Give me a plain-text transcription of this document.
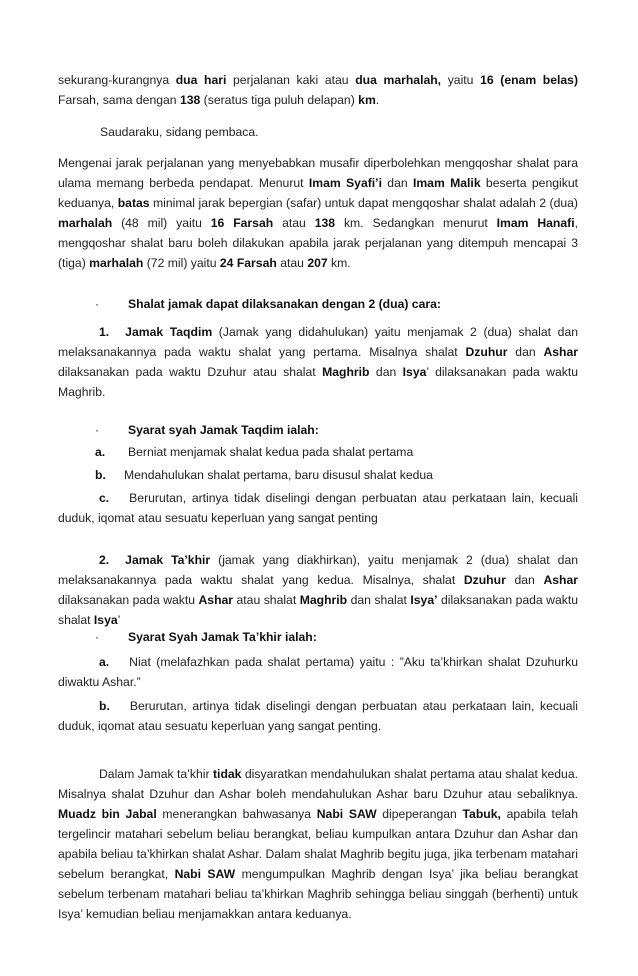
sekurang-kurangnya dua hari perjalanan kaki atau dua marhalah, yaitu 16 (enam belas) Farsah, sama dengan 138 (seratus tiga puluh delapan) km.

Saudaraku, sidang pembaca.

Mengenai jarak perjalanan yang menyebabkan musafir diperbolehkan mengqoshar shalat para ulama memang berbeda pendapat. Menurut Imam Syafi’i dan Imam Malik beserta pengikut keduanya, batas minimal jarak bepergian (safar) untuk dapat mengqoshar shalat adalah 2 (dua) marhalah (48 mil) yaitu 16 Farsah atau 138 km. Sedangkan menurut Imam Hanafi, mengqoshar shalat baru boleh dilakukan apabila jarak perjalanan yang ditempuh mencapai 3 (tiga) marhalah (72 mil) yaitu 24 Farsah atau 207 km.

· Shalat jamak dapat dilaksanakan dengan 2 (dua) cara:

1. Jamak Taqdim (Jamak yang didahulukan) yaitu menjamak 2 (dua) shalat dan melaksanakannya pada waktu shalat yang pertama. Misalnya shalat Dzuhur dan Ashar dilaksanakan pada waktu Dzuhur atau shalat Maghrib dan Isya’ dilaksanakan pada waktu Maghrib.

· Syarat syah Jamak Taqdim ialah:
a. Berniat menjamak shalat kedua pada shalat pertama
b. Mendahulukan shalat pertama, baru disusul shalat kedua

c. Berurutan, artinya tidak diselingi dengan perbuatan atau perkataan lain, kecuali duduk, iqomat atau sesuatu keperluan yang sangat penting

2. Jamak Ta’khir (jamak yang diakhirkan), yaitu menjamak 2 (dua) shalat dan melaksanakannya pada waktu shalat yang kedua. Misalnya, shalat Dzuhur dan Ashar dilaksanakan pada waktu Ashar atau shalat Maghrib dan shalat Isya’ dilaksanakan pada waktu shalat Isya’

· Syarat Syah Jamak Ta’khir ialah:

a. Niat (melafazhkan pada shalat pertama) yaitu : ”Aku ta’khirkan shalat Dzuhurku diwaktu Ashar.”

b. Berurutan, artinya tidak diselingi dengan perbuatan atau perkataan lain, kecuali duduk, iqomat atau sesuatu keperluan yang sangat penting.

Dalam Jamak ta’khir tidak disyaratkan mendahulukan shalat pertama atau shalat kedua. Misalnya shalat Dzuhur dan Ashar boleh mendahulukan Ashar baru Dzuhur atau sebaliknya. Muadz bin Jabal menerangkan bahwasanya Nabi SAW dipeperangan Tabuk, apabila telah tergelincir matahari sebelum beliau berangkat, beliau kumpulkan antara Dzuhur dan Ashar dan apabila beliau ta’khirkan shalat Ashar. Dalam shalat Maghrib begitu juga, jika terbenam matahari sebelum berangkat, Nabi SAW mengumpulkan Maghrib dengan Isya’ jika beliau berangkat sebelum terbenam matahari beliau ta’khirkan Maghrib sehingga beliau singgah (berhenti) untuk Isya’ kemudian beliau menjamakkan antara keduanya.
